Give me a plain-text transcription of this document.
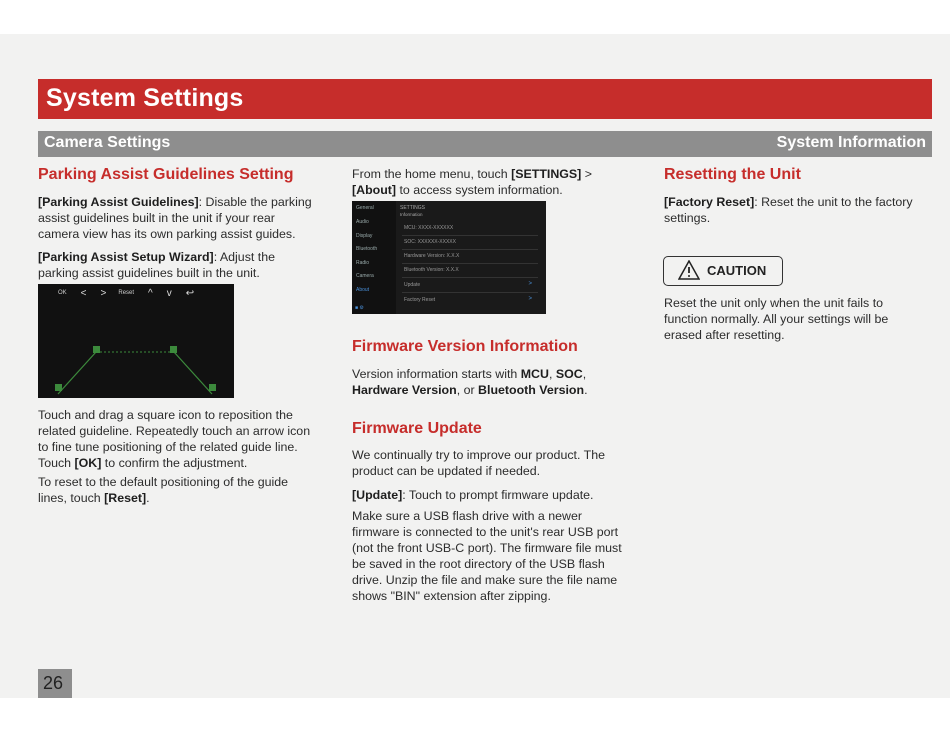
System Settings
Camera Settings	System Information
Parking Assist Guidelines Setting
[Parking Assist Guidelines]: Disable the parking assist guidelines built in the unit if your rear camera view has its own parking assist guides.
[Parking Assist Setup Wizard]: Adjust the parking assist guidelines built in the unit.
OK < > Reset ^ v ↩
Touch and drag a square icon to reposition the related guideline. Repeatedly touch an arrow icon to fine tune positioning of the related guide line. Touch [OK] to confirm the adjustment.
To reset to the default positioning of the guide lines, touch [Reset].
From the home menu, touch [SETTINGS] > [About] to access system information.
General
Audio
Display
Bluetooth
Radio
Camera
About
■ ⚙
SETTINGS
Information
MCU: XXXX-XXXXXX
SOC: XXXXXX-XXXXX
Hardware Version: X.X.X
Bluetooth Version: X.X.X
Update	>
Factory Reset	>
Firmware Version Information
Version information starts with MCU, SOC, Hardware Version, or Bluetooth Version.
Firmware Update
We continually try to improve our product. The product can be updated if needed.
[Update]: Touch to prompt firmware update.
Make sure a USB flash drive with a newer firmware is connected to the unit's rear USB port (not the front USB-C port). The firmware file must be saved in the root directory of the USB flash drive. Unzip the file and make sure the file name shows "BIN" extension after zipping.
Resetting the Unit
[Factory Reset]: Reset the unit to the factory settings.
CAUTION
Reset the unit only when the unit fails to function normally. All your settings will be erased after resetting.
26
